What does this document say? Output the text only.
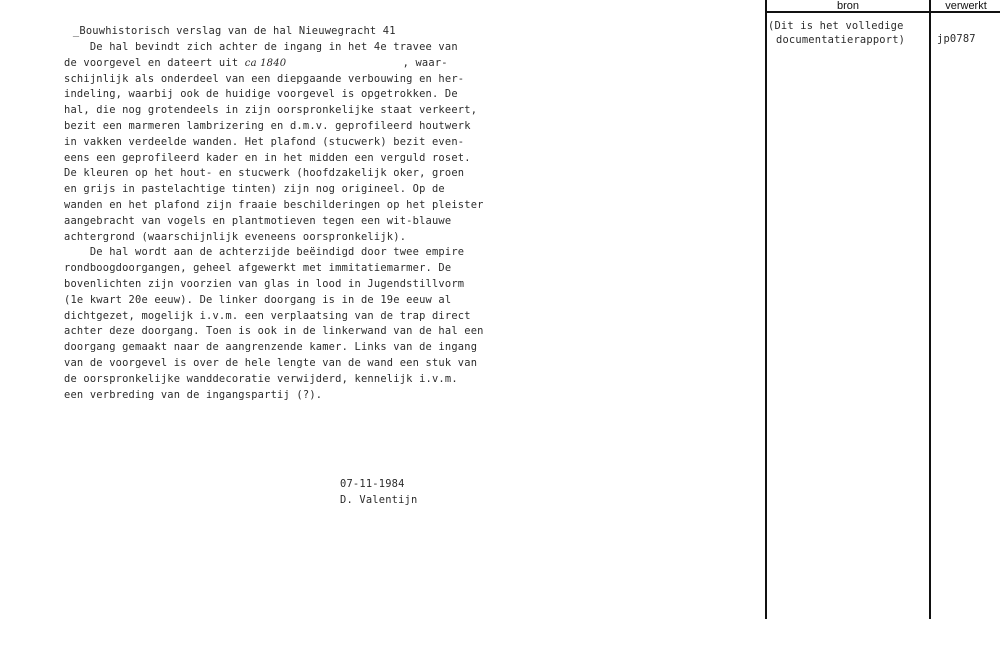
_Bouwhistorisch verslag van de hal Nieuwegracht 41

De hal bevindt zich achter de ingang in het 4e travee van
de voorgevel en dateert uit ca 1840	, waar-
schijnlijk als onderdeel van een diepgaande verbouwing en her-
indeling, waarbij ook de huidige voorgevel is opgetrokken. De
hal, die nog grotendeels in zijn oorspronkelijke staat verkeert,
bezit een marmeren lambrizering en d.m.v. geprofileerd houtwerk
in vakken verdeelde wanden. Het plafond (stucwerk) bezit even-
eens een geprofileerd kader en in het midden een verguld roset.
De kleuren op het hout- en stucwerk (hoofdzakelijk oker, groen
en grijs in pastelachtige tinten) zijn nog origineel. Op de
wanden en het plafond zijn fraaie beschilderingen op het pleister
aangebracht van vogels en plantmotieven tegen een wit-blauwe
achtergrond (waarschijnlijk eveneens oorspronkelijk).
De hal wordt aan de achterzijde beëindigd door twee empire
rondboogdoorgangen, geheel afgewerkt met immitatiemarmer. De
bovenlichten zijn voorzien van glas in lood in Jugendstillvorm
(1e kwart 20e eeuw). De linker doorgang is in de 19e eeuw al
dichtgezet, mogelijk i.v.m. een verplaatsing van de trap direct
achter deze doorgang. Toen is ook in de linkerwand van de hal een
doorgang gemaakt naar de aangrenzende kamer. Links van de ingang
van de voorgevel is over de hele lengte van de wand een stuk van
de oorspronkelijke wanddecoratie verwijderd, kennelijk i.v.m.
een verbreding van de ingangspartij (?).
07-11-1984
D. Valentijn
bron	verwerkt
(Dit is het volledige
documentatierapport)	jp0787
